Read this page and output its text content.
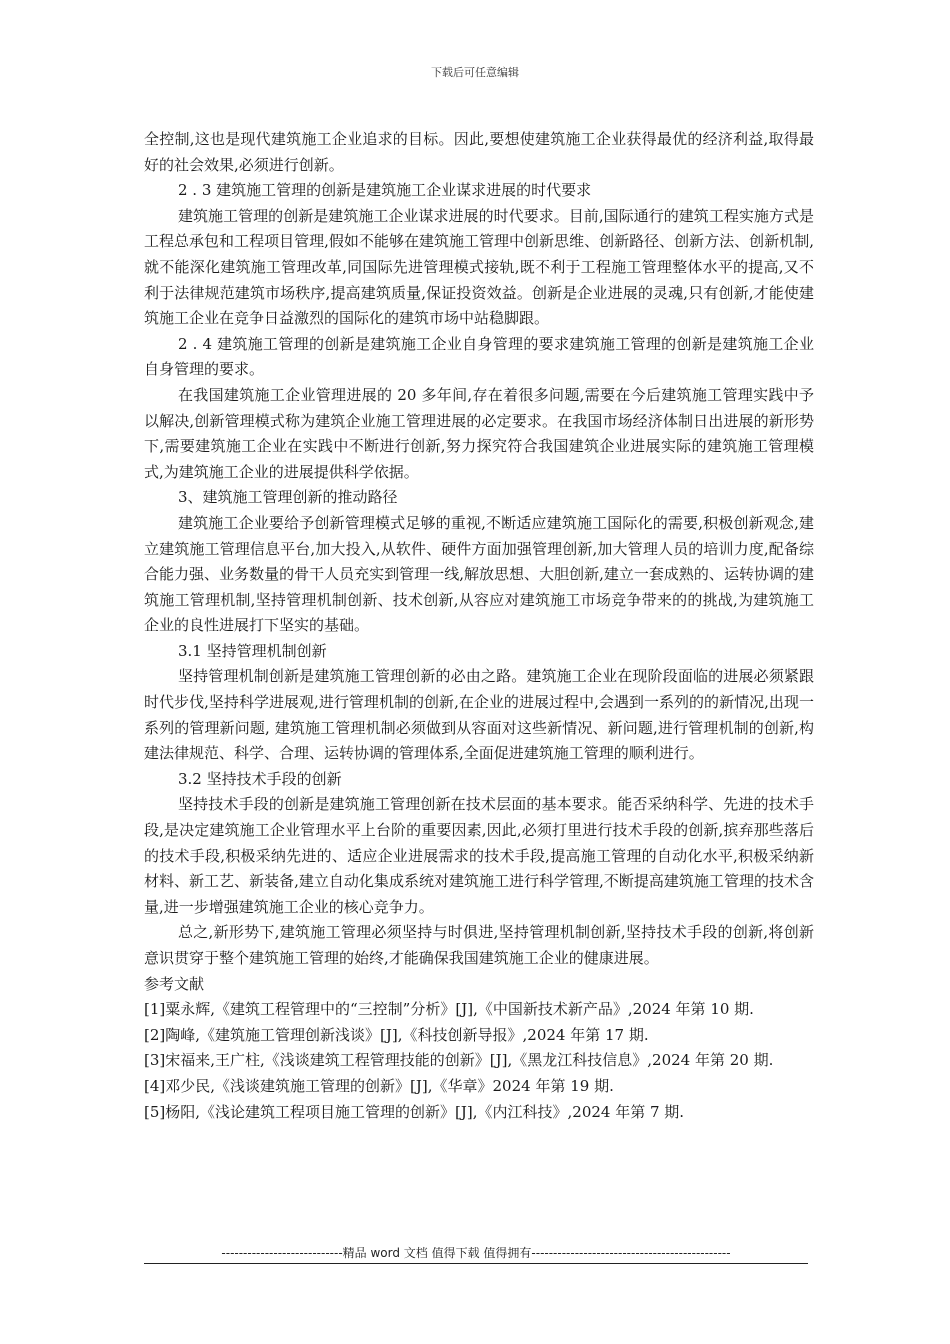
下载后可任意编辑

全控制,这也是现代建筑施工企业追求的目标。因此,要想使建筑施工企业获得最优的经济利益,取得最好的社会效果,必须进行创新。

2 . 3 建筑施工管理的创新是建筑施工企业谋求进展的时代要求

建筑施工管理的创新是建筑施工企业谋求进展的时代要求。目前,国际通行的建筑工程实施方式是工程总承包和工程项目管理,假如不能够在建筑施工管理中创新思维、创新路径、创新方法、创新机制,就不能深化建筑施工管理改革,同国际先进管理模式接轨,既不利于工程施工管理整体水平的提高,又不利于法律规范建筑市场秩序,提高建筑质量,保证投资效益。创新是企业进展的灵魂,只有创新,才能使建筑施工企业在竞争日益激烈的国际化的建筑市场中站稳脚跟。

2 . 4 建筑施工管理的创新是建筑施工企业自身管理的要求建筑施工管理的创新是建筑施工企业自身管理的要求。

在我国建筑施工企业管理进展的 20 多年间,存在着很多问题,需要在今后建筑施工管理实践中予以解决,创新管理模式称为建筑企业施工管理进展的必定要求。在我国市场经济体制日出进展的新形势下,需要建筑施工企业在实践中不断进行创新,努力探究符合我国建筑企业进展实际的建筑施工管理模式,为建筑施工企业的进展提供科学依据。

3、建筑施工管理创新的推动路径

建筑施工企业要给予创新管理模式足够的重视,不断适应建筑施工国际化的需要,积极创新观念,建立建筑施工管理信息平台,加大投入,从软件、硬件方面加强管理创新,加大管理人员的培训力度,配备综合能力强、业务数量的骨干人员充实到管理一线,解放思想、大胆创新,建立一套成熟的、运转协调的建筑施工管理机制,坚持管理机制创新、技术创新,从容应对建筑施工市场竞争带来的的挑战,为建筑施工企业的良性进展打下坚实的基础。

3.1 坚持管理机制创新

坚持管理机制创新是建筑施工管理创新的必由之路。建筑施工企业在现阶段面临的进展必须紧跟时代步伐,坚持科学进展观,进行管理机制的创新,在企业的进展过程中,会遇到一系列的的新情况,出现一系列的管理新问题, 建筑施工管理机制必须做到从容面对这些新情况、新问题,进行管理机制的创新,构建法律规范、科学、合理、运转协调的管理体系,全面促进建筑施工管理的顺利进行。

3.2 坚持技术手段的创新

坚持技术手段的创新是建筑施工管理创新在技术层面的基本要求。能否采纳科学、先进的技术手段,是决定建筑施工企业管理水平上台阶的重要因素,因此,必须打里进行技术手段的创新,摈弃那些落后的技术手段,积极采纳先进的、适应企业进展需求的技术手段,提高施工管理的自动化水平,积极采纳新材料、新工艺、新装备,建立自动化集成系统对建筑施工进行科学管理,不断提高建筑施工管理的技术含量,进一步增强建筑施工企业的核心竞争力。

总之,新形势下,建筑施工管理必须坚持与时俱进,坚持管理机制创新,坚持技术手段的创新,将创新意识贯穿于整个建筑施工管理的始终,才能确保我国建筑施工企业的健康进展。

参考文献

[1]粟永辉,《建筑工程管理中的“三控制”分析》[J],《中国新技术新产品》,2024 年第 10 期.

[2]陶峰,《建筑施工管理创新浅谈》[J],《科技创新导报》,2024 年第 17 期.

[3]宋福来,王广柱,《浅谈建筑工程管理技能的创新》[J],《黑龙江科技信息》,2024 年第 20 期.

[4]邓少民,《浅谈建筑施工管理的创新》[J],《华章》2024 年第 19 期.

[5]杨阳,《浅论建筑工程项目施工管理的创新》[J],《内江科技》,2024 年第 7 期.

----------------------------精品 word 文档 值得下载 值得拥有----------------------------------------------
